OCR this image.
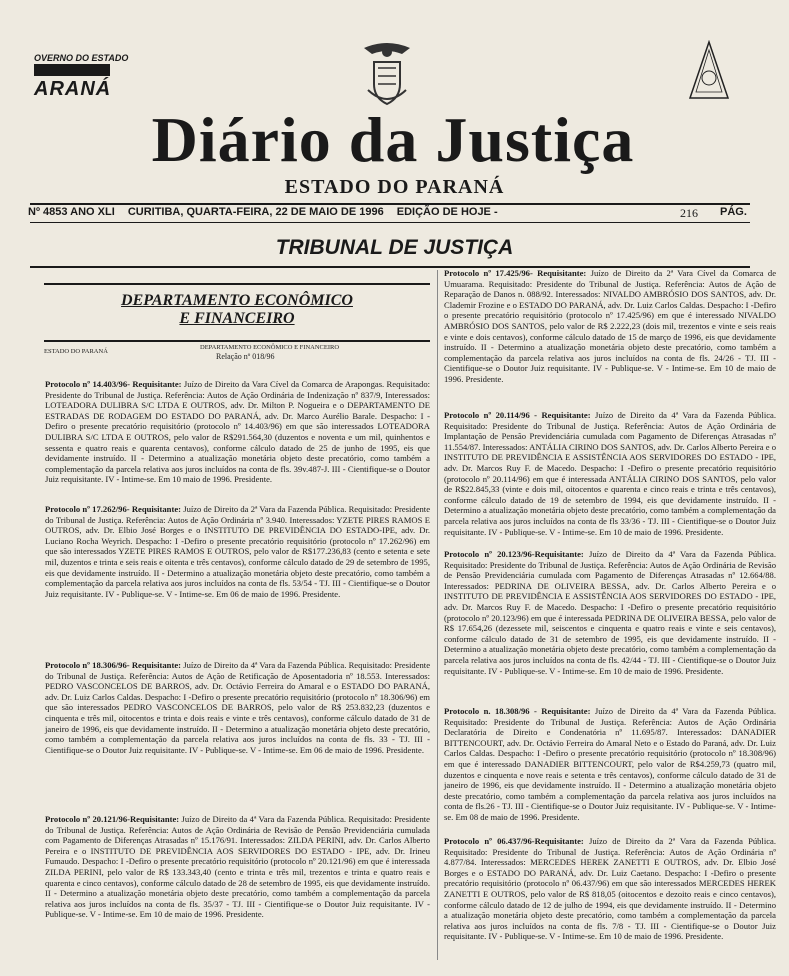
OVERNO DO ESTADO
ARANÁ
Diário da Justiça
ESTADO DO PARANÁ
Nº 4853 ANO XLI CURITIBA, QUARTA-FEIRA, 22 DE MAIO DE 1996 EDIÇÃO DE HOJE -	216 PÁG.
TRIBUNAL DE JUSTIÇA
DEPARTAMENTO ECONÔMICO
E FINANCEIRO
ESTADO DO PARANÁ
DEPARTAMENTO ECONÔMICO E FINANCEIRO
Relação nº 018/96

Protocolo nº 14.403/96- Requisitante: Juízo de Direito da Vara Cível da Comarca de Arapongas. Requisitado: Presidente do Tribunal de Justiça. Referência: Autos de Ação Ordinária de Indenização nº 837/9, Interessados: LOTEADORA DULIBRA S/C LTDA E OUTROS, adv. Dr. Milton P. Nogueira e o DEPARTAMENTO DE ESTRADAS DE RODAGEM DO ESTADO DO PARANÁ, adv. Dr. Marco Aurélio Barale. Despacho: I -Defiro o presente precatório requisitório (protocolo nº 14.403/96) em que são interessados LOTEADORA DULIBRA S/C LTDA E OUTROS, pelo valor de R$291.564,30 (duzentos e noventa e um mil, quinhentos e sessenta e quatro reais e quarenta centavos), conforme cálculo datado de 25 de junho de 1995, eis que devidamente instruído. II - Determino a atualização monetária objeto deste precatório, como também a complementação da parcela relativa aos juros incluídos na conta de fls. 39v.487-J. III - Cientifique-se o Doutor Juiz requisitante. IV - Intime-se. Em 10 maio de 1996. Presidente.

Protocolo nº 17.262/96- Requisitante: Juízo de Direito da 2ª Vara da Fazenda Pública. Requisitado: Presidente do Tribunal de Justiça. Referência: Autos de Ação Ordinária nº 3.940. Interessados: YZETE PIRES RAMOS E OUTROS, adv. Dr. Elbio José Borges e o INSTITUTO DE PREVIDÊNCIA DO ESTADO-IPE, adv. Dr. Luciano Rocha Weyrich. Despacho: I -Defiro o presente precatório requisitório (protocolo nº 17.262/96) em que são interessados YZETE PIRES RAMOS E OUTROS, pelo valor de R$177.236,83 (cento e setenta e sete mil, duzentos e trinta e seis reais e oitenta e três centavos), conforme cálculo datado de 29 de setembro de 1995, eis que devidamente instruído. II - Determino a atualização monetária objeto deste precatório, como também a complementação da parcela relativa aos juros incluídos na conta de fls. 53/54 - TJ. III - Cientifique-se o Doutor Juiz requisitante. IV - Publique-se. V - Intime-se. Em 06 de maio de 1996. Presidente.

Protocolo nº 18.306/96- Requisitante: Juízo de Direito da 4ª Vara da Fazenda Pública. Requisitado: Presidente do Tribunal de Justiça. Referência: Autos de Ação de Retificação de Aposentadoria nº 18.553. Interessados: PEDRO VASCONCELOS DE BARROS, adv. Dr. Octávio Ferreira do Amaral e o ESTADO DO PARANÁ, adv. Dr. Luiz Carlos Caldas. Despacho: I -Defiro o presente precatório requisitório (protocolo nº 18.306/96) em que são interessados PEDRO VASCONCELOS DE BARROS, pelo valor de R$ 253.832,23 (duzentos e cinquenta e três mil, oitocentos e trinta e dois reais e vinte e três centavos), conforme cálculo datado de 31 de janeiro de 1996, eis que devidamente instruído. II - Determino a atualização monetária objeto deste precatório, como também a complementação da parcela relativa aos juros incluídos na conta de fls. 33 - TJ. III - Cientifique-se o Doutor Juiz requisitante. IV - Publique-se. V - Intime-se. Em 06 de maio de 1996. Presidente.

Protocolo nº 20.121/96-Requisitante: Juízo de Direito da 4ª Vara da Fazenda Pública. Requisitado: Presidente do Tribunal de Justiça. Referência: Autos de Ação Ordinária de Revisão de Pensão Previdenciária cumulada com Pagamento de Diferenças Atrasadas nº 15.176/91. Interessados: ZILDA PERINI, adv. Dr. Carlos Alberto Pereira e o INSTITUTO DE PREVIDÊNCIA AOS SERVIDORES DO ESTADO - IPE, adv. Dr. Irineu Fumaudo. Despacho: I -Defiro o presente precatório requisitório (protocolo nº 20.121/96) em que é interessada ZILDA PERINI, pelo valor de R$ 133.343,40 (cento e trinta e três mil, trezentos e trinta e quatro reais e quarenta e cinco centavos), conforme cálculo datado de 28 de setembro de 1995, eis que devidamente instruído. II - Determino a atualização monetária objeto deste precatório, como também a complementação da parcela relativa aos juros incluídos na conta de fls. 35/37 - TJ. III - Cientifique-se o Doutor Juiz requisitante. IV - Publique-se. V - Intime-se. Em 10 de maio de 1996. Presidente.

Protocolo nº 17.425/96- Requisitante: Juízo de Direito da 2ª Vara Cível da Comarca de Umuarama. Requisitado: Presidente do Tribunal de Justiça. Referência: Autos de Ação de Reparação de Danos n. 088/92. Interessados: NIVALDO AMBRÓSIO DOS SANTOS, adv. Dr. Clademir Frozine e o ESTADO DO PARANÁ, adv. Dr. Luiz Carlos Caldas. Despacho: I -Defiro o presente precatório requisitório (protocolo nº 17.425/96) em que é interessado NIVALDO AMBRÓSIO DOS SANTOS, pelo valor de R$ 2.222,23 (dois mil, trezentos e vinte e seis reais e vinte e dois centavos), conforme cálculo datado de 15 de março de 1996, eis que devidamente instruído. II - Determino a atualização monetária objeto deste precatório, como também a complementação da parcela relativa aos juros incluídos na conta de fls. 24/26 - TJ. III - Cientifique-se o Doutor Juiz requisitante. IV - Publique-se. V - Intime-se. Em 10 de maio de 1996. Presidente.

Protocolo nº 20.114/96 - Requisitante: Juízo de Direito da 4ª Vara da Fazenda Pública. Requisitado: Presidente do Tribunal de Justiça. Referência: Autos de Ação Ordinária de Implantação de Pensão Previdenciária cumulada com Pagamento de Diferenças Atrasadas nº 11.554/87. Interessados: ANTÁLIA CIRINO DOS SANTOS, adv. Dr. Carlos Alberto Pereira e o INSTITUTO DE PREVIDÊNCIA E ASSISTÊNCIA AOS SERVIDORES DO ESTADO - IPE, adv. Dr. Marcos Ruy F. de Macedo. Despacho: I -Defiro o presente precatório requisitório (protocolo nº 20.114/96) em que é interessada ANTÁLIA CIRINO DOS SANTOS, pelo valor de R$22.845,33 (vinte e dois mil, oitocentos e quarenta e cinco reais e trinta e três centavos), conforme cálculo datado de 19 de setembro de 1994, eis que devidamente instruído. II - Determino a atualização monetária objeto deste precatório, como também a complementação da parcela relativa aos juros incluídos na conta de fls 33/36 - TJ. III - Cientifique-se o Doutor Juiz requisitante. IV - Publique-se. V - Intime-se. Em 10 de maio de 1996. Presidente.

Protocolo nº 20.123/96-Requisitante: Juízo de Direito da 4ª Vara da Fazenda Pública. Requisitado: Presidente do Tribunal de Justiça. Referência: Autos de Ação Ordinária de Revisão de Pensão Previdenciária cumulada com Pagamento de Diferenças Atrasadas nº 12.664/88. Interessados: PEDRINA DE OLIVEIRA BESSA, adv. Dr. Carlos Alberto Pereira e o INSTITUTO DE PREVIDÊNCIA E ASSISTÊNCIA AOS SERVIDORES DO ESTADO - IPE, adv. Dr. Marcos Ruy F. de Macedo. Despacho: I -Defiro o presente precatório requisitório (protocolo nº 20.123/96) em que é interessada PEDRINA DE OLIVEIRA BESSA, pelo valor de R$ 17.654,26 (dezessete mil, seiscentos e cinquenta e quatro reais e vinte e seis centavos), conforme cálculo datado de 31 de setembro de 1995, eis que devidamente instruído. II - Determino a atualização monetária objeto deste precatório, como também a complementação da parcela relativa aos juros incluídos na conta de fls. 42/44 - TJ. III - Cientifique-se o Doutor Juiz requisitante. IV - Publique-se. V - Intime-se. Em 10 de maio de 1996. Presidente.

Protocolo n. 18.308/96 - Requisitante: Juízo de Direito da 4ª Vara da Fazenda Pública. Requisitado: Presidente do Tribunal de Justiça. Referência: Autos de Ação Ordinária Declaratória de Direito e Condenatória nº 11.695/87. Interessados: DANADIER BITTENCOURT, adv. Dr. Octávio Ferreira do Amaral Neto e o Estado do Paraná, adv. Dr. Luiz Carlos Caldas. Despacho: I -Defiro o presente precatório requisitório (protocolo nº 18.308/96) em que é interessado DANADIER BITTENCOURT, pelo valor de R$4.259,73 (quatro mil, duzentos e cinquenta e nove reais e setenta e três centavos), conforme cálculo datado de 31 de janeiro de 1996, eis que devidamente instruído. II - Determino a atualização monetária objeto deste precatório, como também a complementação da parcela relativa aos juros incluídos na conta de fls.26 - TJ. III - Cientifique-se o Doutor Juiz requisitante. IV - Publique-se. V - Intime-se. Em 08 de maio de 1996. Presidente.

Protocolo nº 06.437/96-Requisitante: Juízo de Direito da 2ª Vara da Fazenda Pública. Requisitado: Presidente do Tribunal de Justiça. Referência: Autos de Ação Ordinária nº 4.877/84. Interessados: MERCEDES HEREK ZANETTI E OUTROS, adv. Dr. Elbio José Borges e o ESTADO DO PARANÁ, adv. Dr. Luiz Caetano. Despacho: I -Defiro o presente precatório requisitório (protocolo nº 06.437/96) em que são interessados MERCEDES HEREK ZANETTI E OUTROS, pelo valor de R$ 818,05 (oitocentos e dezoito reais e cinco centavos), conforme cálculo datado de 12 de julho de 1994, eis que devidamente instruído. II - Determino a atualização monetária objeto deste precatório, como também a complementação da parcela relativa aos juros incluídos na conta de fls. 7/8 - TJ. III - Cientifique-se o Doutor Juiz requisitante. IV - Publique-se. V - Intime-se. Em 10 de maio de 1996. Presidente.
